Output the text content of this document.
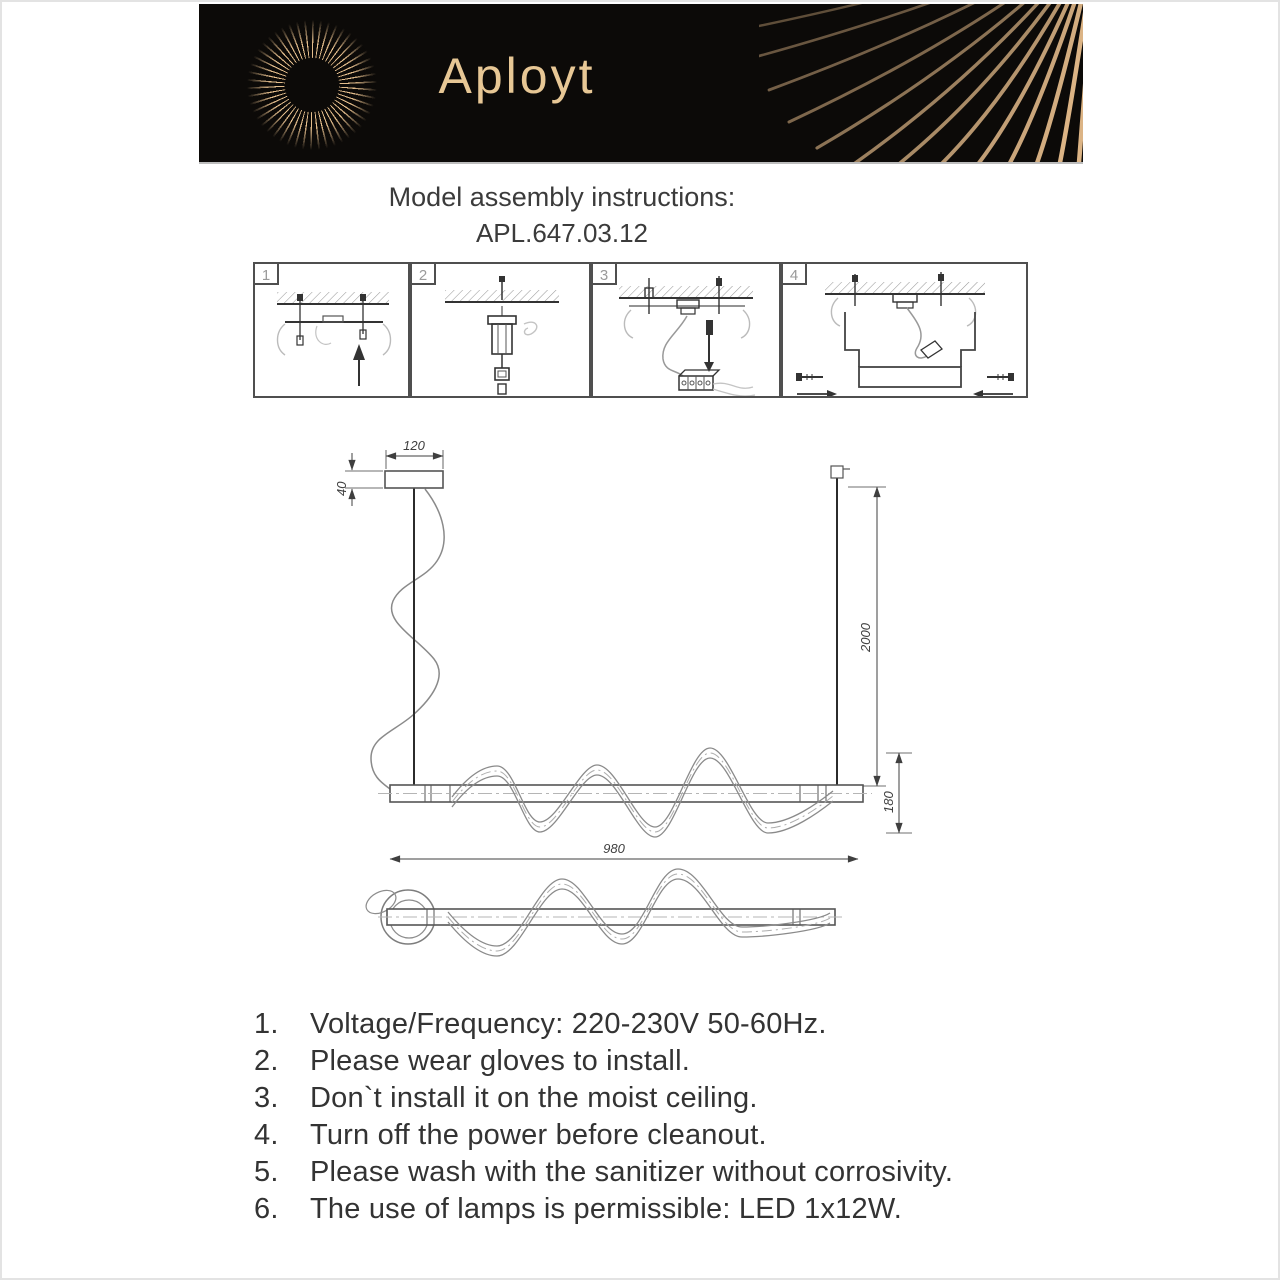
Aployt
Model assembly instructions:
APL.647.03.12
1	2	3	4
120
40
2000
180
980
1.	Voltage/Frequency: 220-230V 50-60Hz.
2.	Please wear gloves to install.
3.	Don`t install it on the moist ceiling.
4.	Turn off the power before cleanout.
5.	Please wash with the sanitizer without corrosivity.
6.	The use of lamps is permissible: LED 1x12W.
